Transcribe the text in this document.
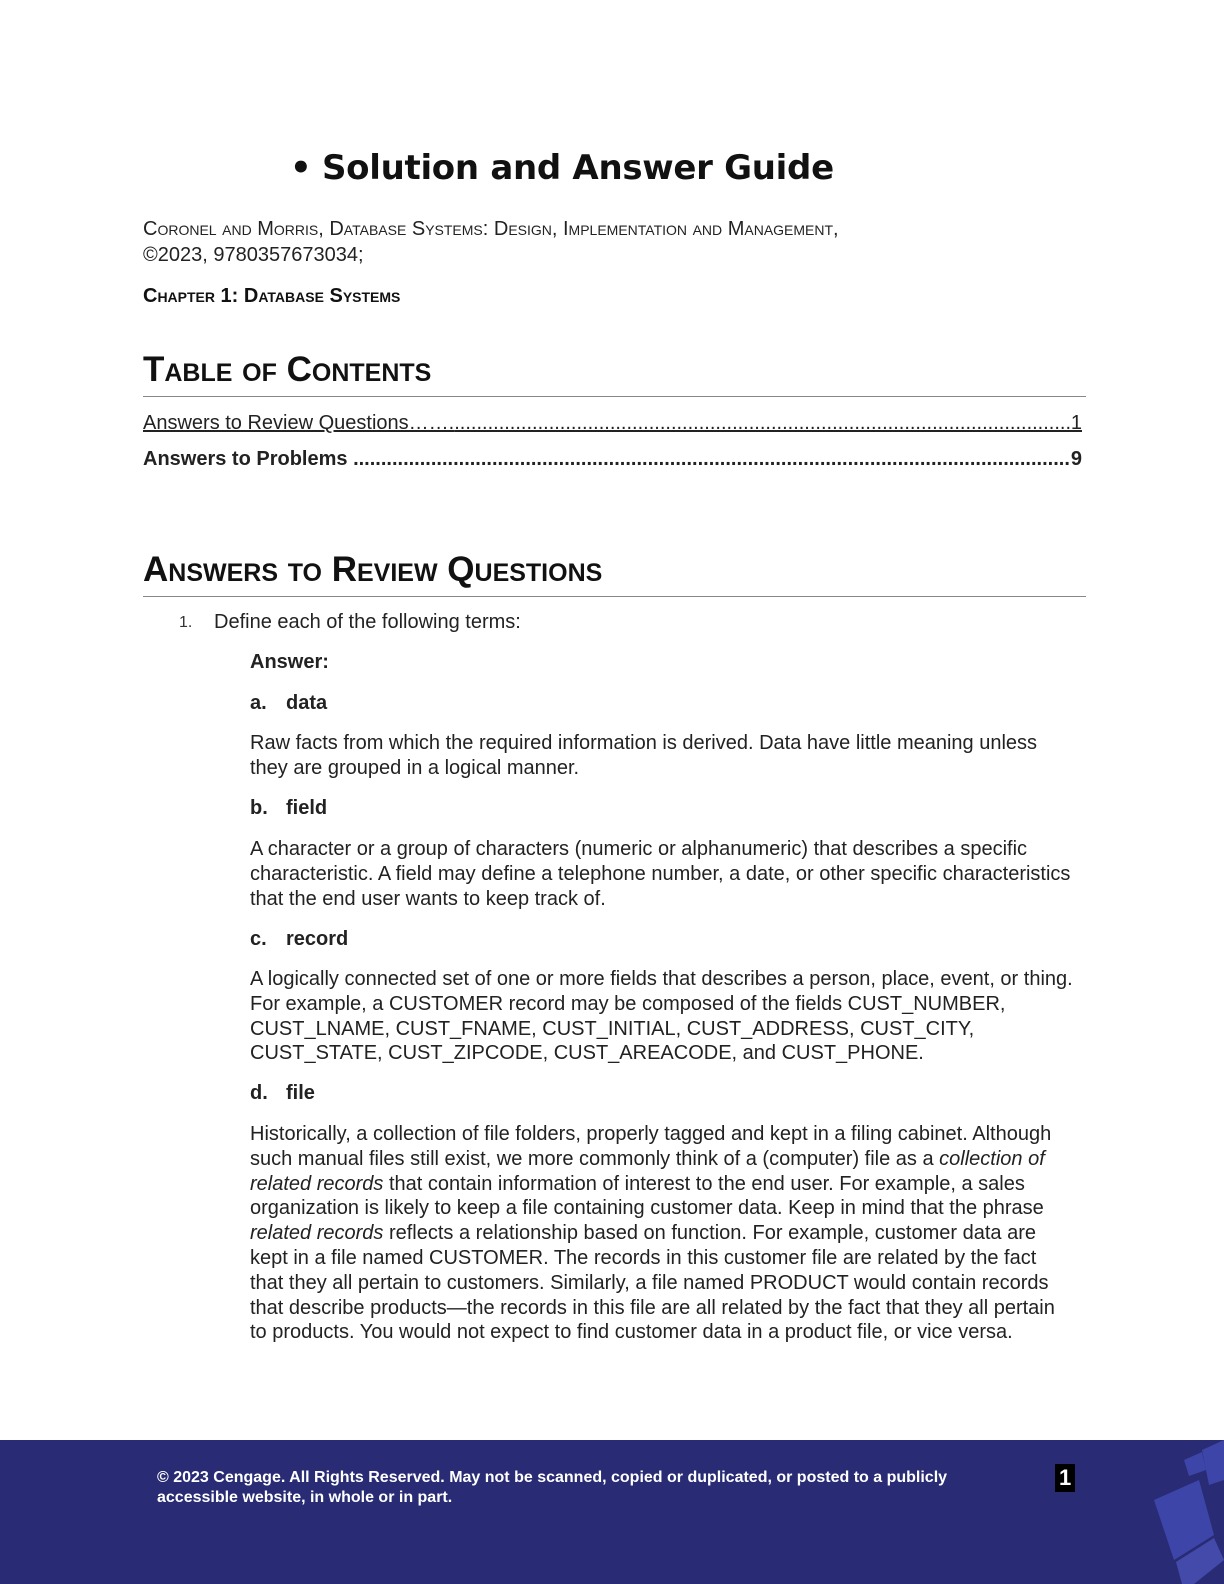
• Solution and Answer Guide
Coronel and Morris, Database Systems: Design, Implementation and Management,
©2023, 9780357673034;
Chapter 1: Database Systems
Table of Contents
Answers to Review Questions……. .....	1
Answers to Problems .....	9
Answers to Review Questions
1. Define each of the following terms:

Answer:

a. data

Raw facts from which the required information is derived. Data have little meaning unless they are grouped in a logical manner.

b. field

A character or a group of characters (numeric or alphanumeric) that describes a specific characteristic. A field may define a telephone number, a date, or other specific characteristics that the end user wants to keep track of.

c. record

A logically connected set of one or more fields that describes a person, place, event, or thing. For example, a CUSTOMER record may be composed of the fields CUST_NUMBER, CUST_LNAME, CUST_FNAME, CUST_INITIAL, CUST_ADDRESS, CUST_CITY, CUST_STATE, CUST_ZIPCODE, CUST_AREACODE, and CUST_PHONE.

d. file

Historically, a collection of file folders, properly tagged and kept in a filing cabinet. Although such manual files still exist, we more commonly think of a (computer) file as a collection of related records that contain information of interest to the end user. For example, a sales organization is likely to keep a file containing customer data. Keep in mind that the phrase related records reflects a relationship based on function. For example, customer data are kept in a file named CUSTOMER. The records in this customer file are related by the fact that they all pertain to customers. Similarly, a file named PRODUCT would contain records that describe products—the records in this file are all related by the fact that they all pertain to products. You would not expect to find customer data in a product file, or vice versa.

© 2023 Cengage. All Rights Reserved. May not be scanned, copied or duplicated, or posted to a publicly accessible website, in whole or in part.
1
